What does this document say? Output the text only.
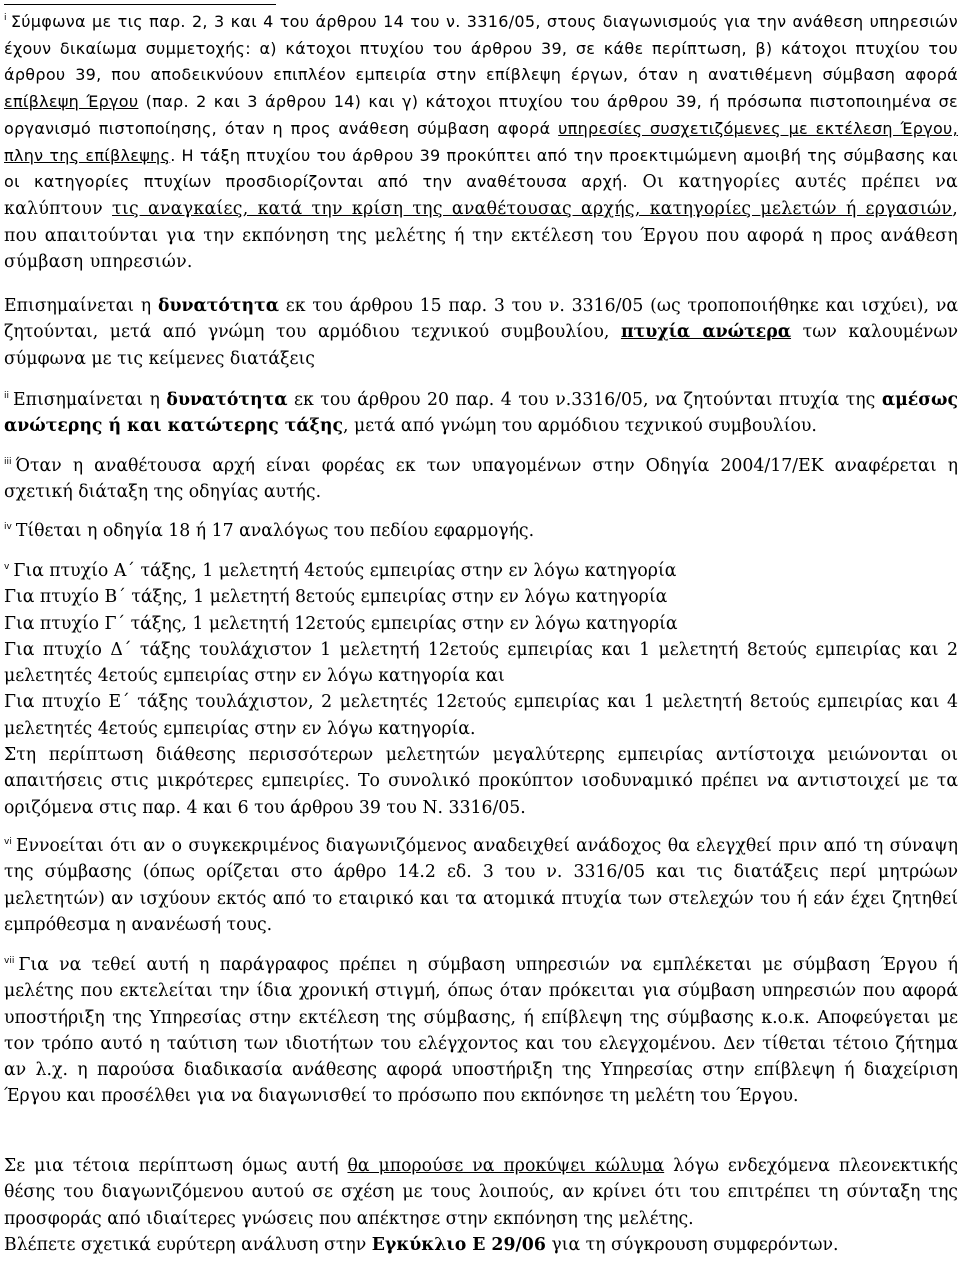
$^i$ Σύμφωνα με τις παρ. 2, 3 και 4 του άρθρου 14 του ν. 3316/05, στους διαγωνισμούς για την ανάθεση υπηρεσιών έχουν δικαίωμα συμμετοχής: α) κάτοχοι πτυχίου του άρθρου 39, σε κάθε περίπτωση, β) κάτοχοι πτυχίου του άρθρου 39, που αποδεικνύουν επιπλέον εμπειρία στην επίβλεψη έργων, όταν η ανατιθέμενη σύμβαση αφορά επίβλεψη Έργου (παρ. 2 και 3 άρθρου 14) και γ) κάτοχοι πτυχίου του άρθρου 39, ή πρόσωπα πιστοποιημένα σε οργανισμό πιστοποίησης, όταν η προς ανάθεση σύμβαση αφορά υπηρεσίες συσχετιζόμενες με εκτέλεση Έργου, πλην της επίβλεψης. Η τάξη πτυχίου του άρθρου 39 προκύπτει από την προεκτιμώμενη αμοιβή της σύμβασης και οι κατηγορίες πτυχίων προσδιορίζονται από την αναθέτουσα αρχή. Οι κατηγορίες αυτές πρέπει να καλύπτουν τις αναγκαίες, κατά την κρίση της αναθέτουσας αρχής, κατηγορίες μελετών ή εργασιών, που απαιτούνται για την εκπόνηση της μελέτης ή την εκτέλεση του Έργου που αφορά η προς ανάθεση σύμβαση υπηρεσιών.

Επισημαίνεται η δυνατότητα εκ του άρθρου 15 παρ. 3 του ν. 3316/05 (ως τροποποιήθηκε και ισχύει), να ζητούνται, μετά από γνώμη του αρμόδιου τεχνικού συμβουλίου, πτυχία ανώτερα των καλουμένων σύμφωνα με τις κείμενες διατάξεις

$^{ii}$ Επισημαίνεται η δυνατότητα εκ του άρθρου 20 παρ. 4 του ν.3316/05, να ζητούνται πτυχία της αμέσως ανώτερης ή και κατώτερης τάξης, μετά από γνώμη του αρμόδιου τεχνικού συμβουλίου.

$^{iii}$ Όταν η αναθέτουσα αρχή είναι φορέας εκ των υπαγομένων στην Οδηγία 2004/17/ΕΚ αναφέρεται η σχετική διάταξη της οδηγίας αυτής.

$^{iv}$ Τίθεται η οδηγία 18 ή 17 αναλόγως του πεδίου εφαρμογής.

$^v$ Για πτυχίο Α΄ τάξης, 1 μελετητή 4ετούς εμπειρίας στην εν λόγω κατηγορία
Για πτυχίο Β΄ τάξης, 1 μελετητή 8ετούς εμπειρίας στην εν λόγω κατηγορία
Για πτυχίο Γ΄ τάξης, 1 μελετητή 12ετούς εμπειρίας στην εν λόγω κατηγορία
Για πτυχίο Δ΄ τάξης τουλάχιστον 1 μελετητή 12ετούς εμπειρίας και 1 μελετητή 8ετούς εμπειρίας και 2 μελετητές 4ετούς εμπειρίας στην εν λόγω κατηγορία και
Για πτυχίο Ε΄ τάξης τουλάχιστον, 2 μελετητές 12ετούς εμπειρίας και 1 μελετητή 8ετούς εμπειρίας και 4 μελετητές 4ετούς εμπειρίας στην εν λόγω κατηγορία.
Στη περίπτωση διάθεσης περισσότερων μελετητών μεγαλύτερης εμπειρίας αντίστοιχα μειώνονται οι απαιτήσεις στις μικρότερες εμπειρίες. Το συνολικό προκύπτον ισοδυναμικό πρέπει να αντιστοιχεί με τα οριζόμενα στις παρ. 4 και 6 του άρθρου 39 του Ν. 3316/05.

$^{vi}$ Εννοείται ότι αν ο συγκεκριμένος διαγωνιζόμενος αναδειχθεί ανάδοχος θα ελεγχθεί πριν από τη σύναψη της σύμβασης (όπως ορίζεται στο άρθρο 14.2 εδ. 3 του ν. 3316/05 και τις διατάξεις περί μητρώων μελετητών) αν ισχύουν εκτός από το εταιρικό και τα ατομικά πτυχία των στελεχών του ή εάν έχει ζητηθεί εμπρόθεσμα η ανανέωσή τους.

$^{vii}$ Για να τεθεί αυτή η παράγραφος πρέπει η σύμβαση υπηρεσιών να εμπλέκεται με σύμβαση Έργου ή μελέτης που εκτελείται την ίδια χρονική στιγμή, όπως όταν πρόκειται για σύμβαση υπηρεσιών που αφορά υποστήριξη της Υπηρεσίας στην εκτέλεση της σύμβασης, ή επίβλεψη της σύμβασης κ.ο.κ. Αποφεύγεται με τον τρόπο αυτό η ταύτιση των ιδιοτήτων του ελέγχοντος και του ελεγχομένου. Δεν τίθεται τέτοιο ζήτημα αν λ.χ. η παρούσα διαδικασία ανάθεσης αφορά υποστήριξη της Υπηρεσίας στην επίβλεψη ή διαχείριση Έργου και προσέλθει για να διαγωνισθεί το πρόσωπο που εκπόνησε τη μελέτη του Έργου.

Σε μια τέτοια περίπτωση όμως αυτή θα μπορούσε να προκύψει κώλυμα λόγω ενδεχόμενα πλεονεκτικής θέσης του διαγωνιζόμενου αυτού σε σχέση με τους λοιπούς, αν κρίνει ότι του επιτρέπει τη σύνταξη της προσφοράς από ιδιαίτερες γνώσεις που απέκτησε στην εκπόνηση της μελέτης.
Βλέπετε σχετικά ευρύτερη ανάλυση στην Εγκύκλιο Ε 29/06 για τη σύγκρουση συμφερόντων.
